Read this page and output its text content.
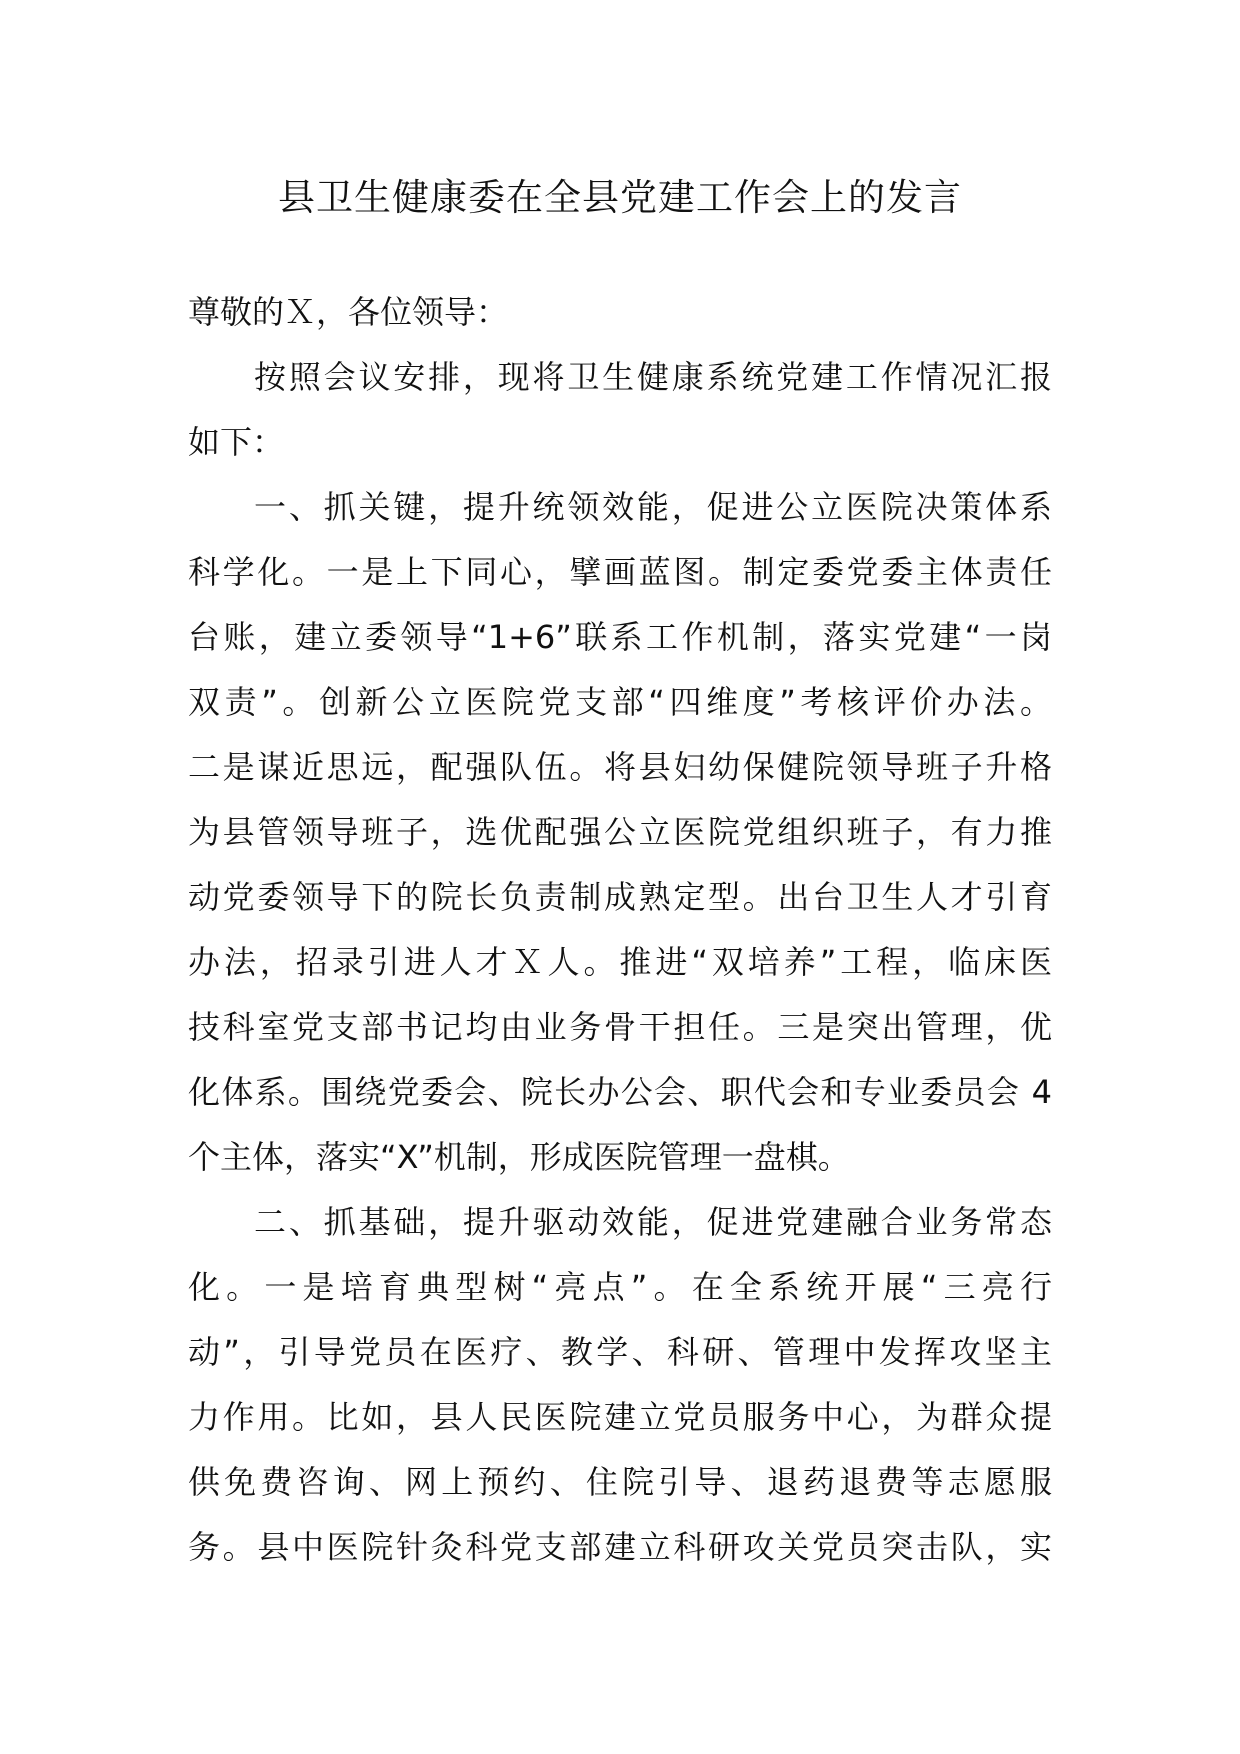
县卫生健康委在全县党建工作会上的发言
尊敬的Ｘ，各位领导：
按照会议安排，现将卫生健康系统党建工作情况汇报
如下：
一、抓关键，提升统领效能，促进公立医院决策体系
科学化。一是上下同心，擘画蓝图。制定委党委主体责任
台账，建立委领导“1+6”联系工作机制，落实党建“一岗
双责”。创新公立医院党支部“四维度”考核评价办法。
二是谋近思远，配强队伍。将县妇幼保健院领导班子升格
为县管领导班子，选优配强公立医院党组织班子，有力推
动党委领导下的院长负责制成熟定型。出台卫生人才引育
办法，招录引进人才Ｘ人。推进“双培养”工程，临床医
技科室党支部书记均由业务骨干担任。三是突出管理，优
化体系。围绕党委会、院长办公会、职代会和专业委员会 4
个主体，落实“X”机制，形成医院管理一盘棋。
二、抓基础，提升驱动效能，促进党建融合业务常态
化。一是培育典型树“亮点”。在全系统开展“三亮行
动”，引导党员在医疗、教学、科研、管理中发挥攻坚主
力作用。比如，县人民医院建立党员服务中心，为群众提
供免费咨询、网上预约、住院引导、退药退费等志愿服
务。县中医院针灸科党支部建立科研攻关党员突击队，实
